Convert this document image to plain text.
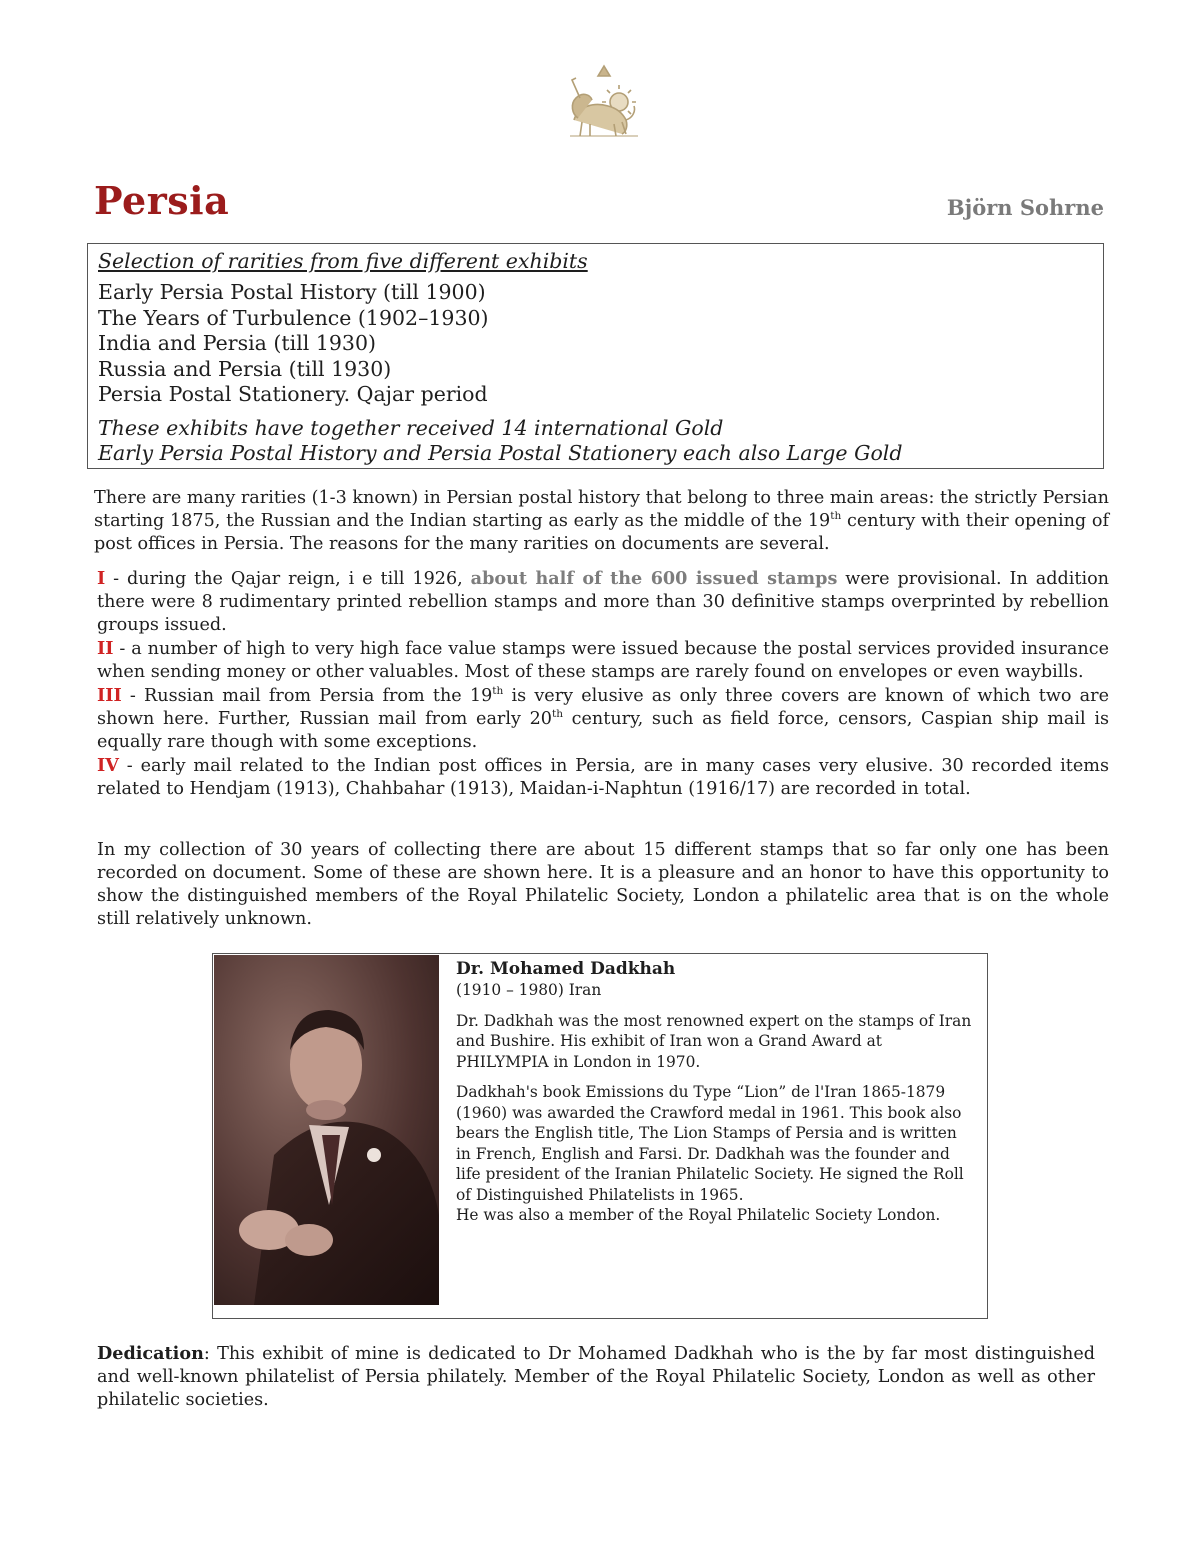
Persia	Björn Sohrne
Selection of rarities from five different exhibits
Early Persia Postal History (till 1900)
The Years of Turbulence (1902–1930)
India and Persia (till 1930)
Russia and Persia (till 1930)
Persia Postal Stationery. Qajar period
These exhibits have together received 14 international Gold
Early Persia Postal History and Persia Postal Stationery each also Large Gold
There are many rarities (1-3 known) in Persian postal history that belong to three main areas: the strictly Persian starting 1875, the Russian and the Indian starting as early as the middle of the 19th century with their opening of post offices in Persia. The reasons for the many rarities on documents are several.
I - during the Qajar reign, i e till 1926, about half of the 600 issued stamps were provisional. In addition there were 8 rudimentary printed rebellion stamps and more than 30 definitive stamps overprinted by rebellion groups issued.
II - a number of high to very high face value stamps were issued because the postal services provided insurance when sending money or other valuables. Most of these stamps are rarely found on envelopes or even waybills.
III - Russian mail from Persia from the 19th is very elusive as only three covers are known of which two are shown here. Further, Russian mail from early 20th century, such as field force, censors, Caspian ship mail is equally rare though with some exceptions.
IV - early mail related to the Indian post offices in Persia, are in many cases very elusive. 30 recorded items related to Hendjam (1913), Chahbahar (1913), Maidan-i-Naphtun (1916/17) are recorded in total.
In my collection of 30 years of collecting there are about 15 different stamps that so far only one has been recorded on document. Some of these are shown here. It is a pleasure and an honor to have this opportunity to show the distinguished members of the Royal Philatelic Society, London a philatelic area that is on the whole still relatively unknown.

Dr. Mohamed Dadkhah

(1910 – 1980) Iran

Dr. Dadkhah was the most renowned expert on the stamps of Iran and Bushire. His exhibit of Iran won a Grand Award at PHILYMPIA in London in 1970.

Dadkhah's book Emissions du Type “Lion” de l'Iran 1865-1879 (1960) was awarded the Crawford medal in 1961. This book also bears the English title, The Lion Stamps of Persia and is written in French, English and Farsi. Dr. Dadkhah was the founder and life president of the Iranian Philatelic Society. He signed the Roll of Distinguished Philatelists in 1965.

He was also a member of the Royal Philatelic Society London.

Dedication: This exhibit of mine is dedicated to Dr Mohamed Dadkhah who is the by far most distinguished and well-known philatelist of Persia philately. Member of the Royal Philatelic Society, London as well as other philatelic societies.
